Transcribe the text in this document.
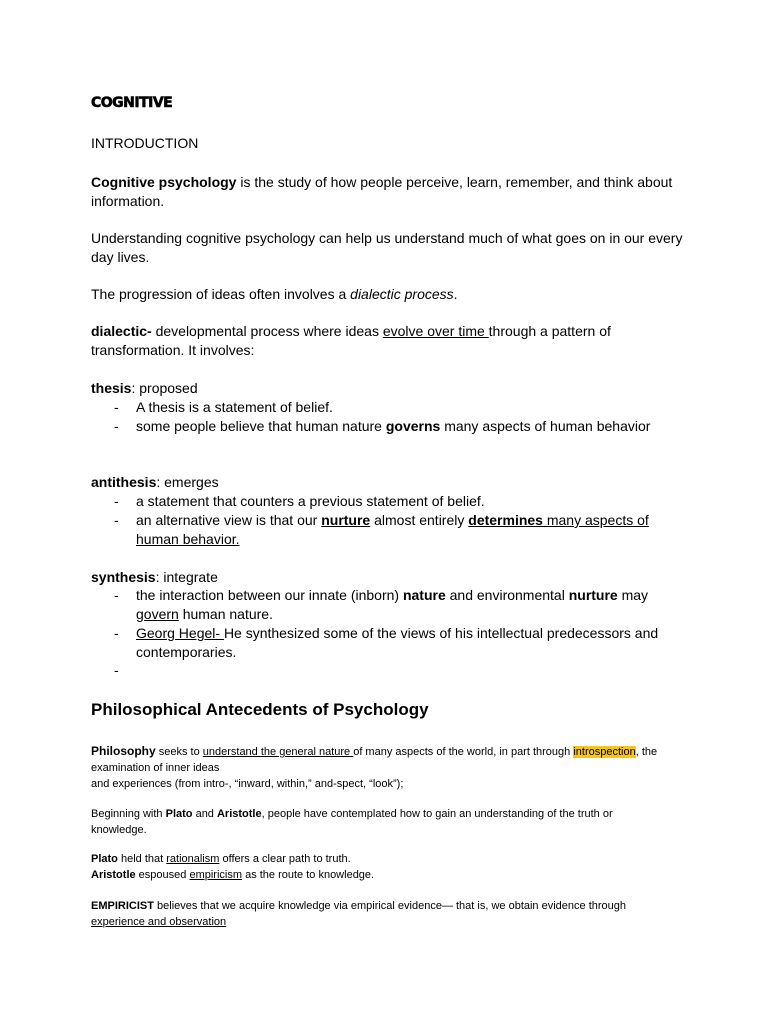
COGNITIVE
INTRODUCTION
Cognitive psychology is the study of how people perceive, learn, remember, and think about
information.
Understanding cognitive psychology can help us understand much of what goes on in our every
day lives.
The progression of ideas often involves a dialectic process.
dialectic- developmental process where ideas evolve over time through a pattern of
transformation. It involves:
thesis: proposed
- A thesis is a statement of belief.
- some people believe that human nature governs many aspects of human behavior
antithesis: emerges
- a statement that counters a previous statement of belief.
- an alternative view is that our nurture almost entirely determines many aspects of
human behavior.
synthesis: integrate
- the interaction between our innate (inborn) nature and environmental nurture may
govern human nature.
- Georg Hegel- He synthesized some of the views of his intellectual predecessors and
contemporaries.
-
Philosophical Antecedents of Psychology
Philosophy seeks to understand the general nature of many aspects of the world, in part through introspection, the
examination of inner ideas
and experiences (from intro-, “inward, within,” and-spect, “look”);
Beginning with Plato and Aristotle, people have contemplated how to gain an understanding of the truth or
knowledge.
Plato held that rationalism offers a clear path to truth.
Aristotle espoused empiricism as the route to knowledge.
EMPIRICIST believes that we acquire knowledge via empirical evidence— that is, we obtain evidence through
experience and observation
